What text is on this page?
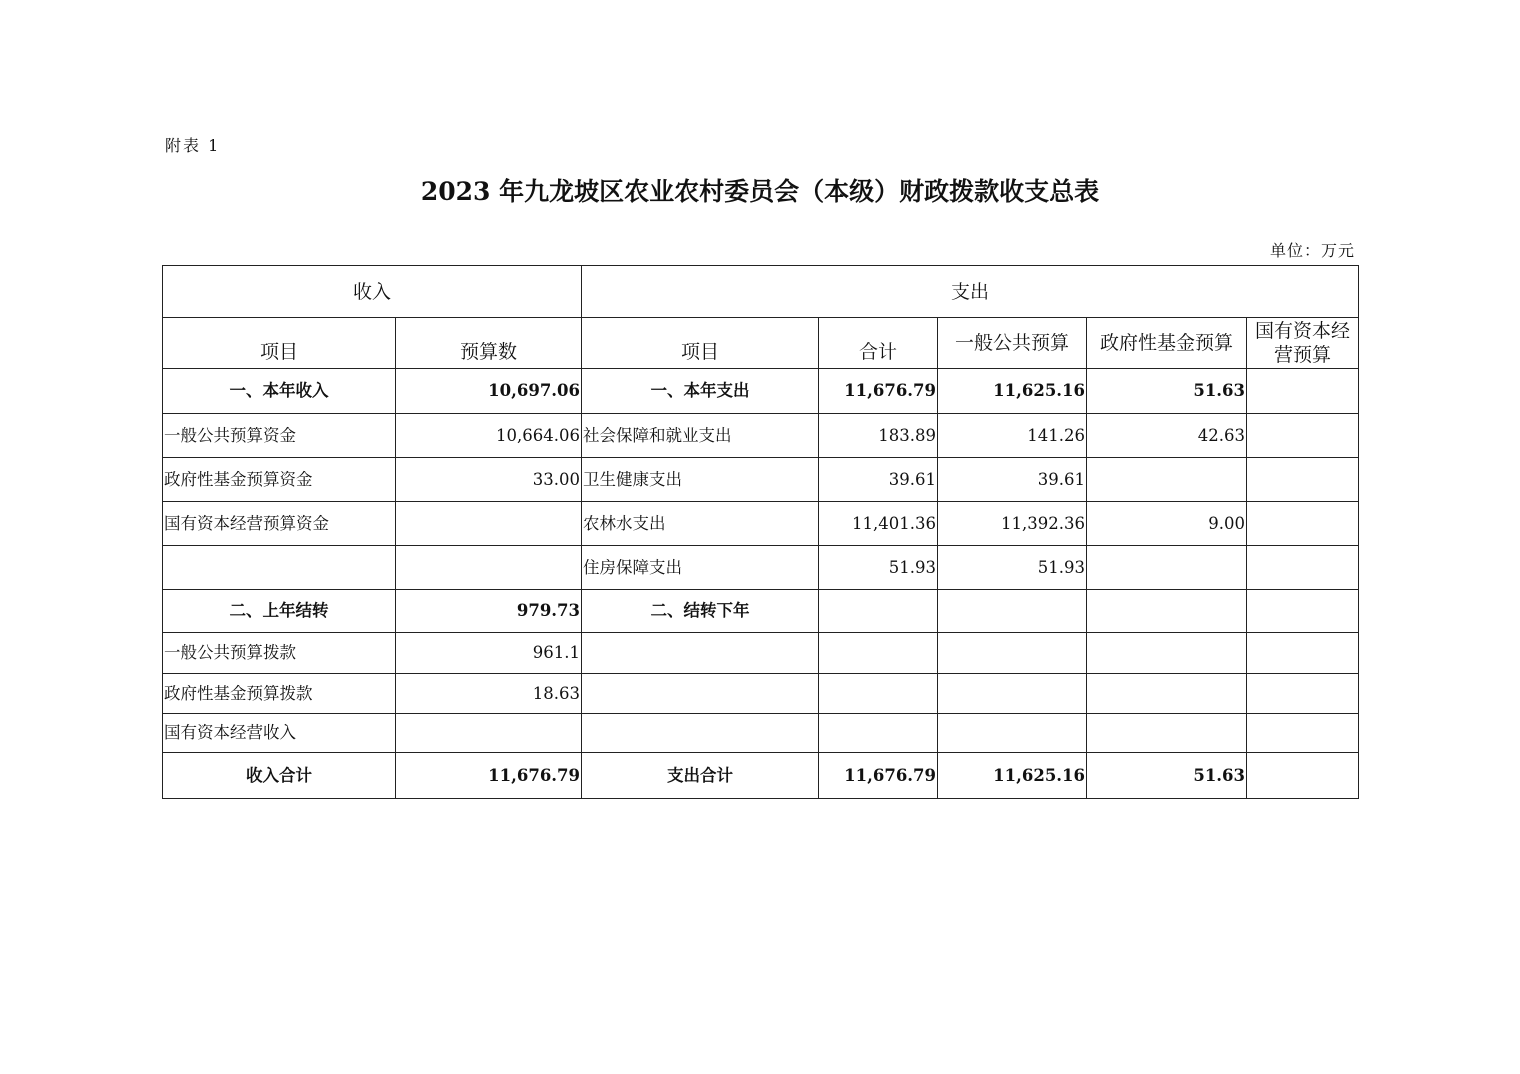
附表 1
2023 年九龙坡区农业农村委员会（本级）财政拨款收支总表
单位：万元
收入		支出				
项目	预算数	项目	合计	一般公共预算	政府性基金预算	国有资本经营预算
一、本年收入	10,697.06	一、本年支出	11,676.79	11,625.16	51.63	
一般公共预算资金	10,664.06	社会保障和就业支出	183.89	141.26	42.63	
政府性基金预算资金	33.00	卫生健康支出	39.61	39.61		
国有资本经营预算资金		农林水支出	11,401.36	11,392.36	9.00	
		住房保障支出	51.93	51.93		
二、上年结转	979.73	二、结转下年				
一般公共预算拨款	961.1					
政府性基金预算拨款	18.63					
国有资本经营收入						
收入合计	11,676.79	支出合计	11,676.79	11,625.16	51.63	
